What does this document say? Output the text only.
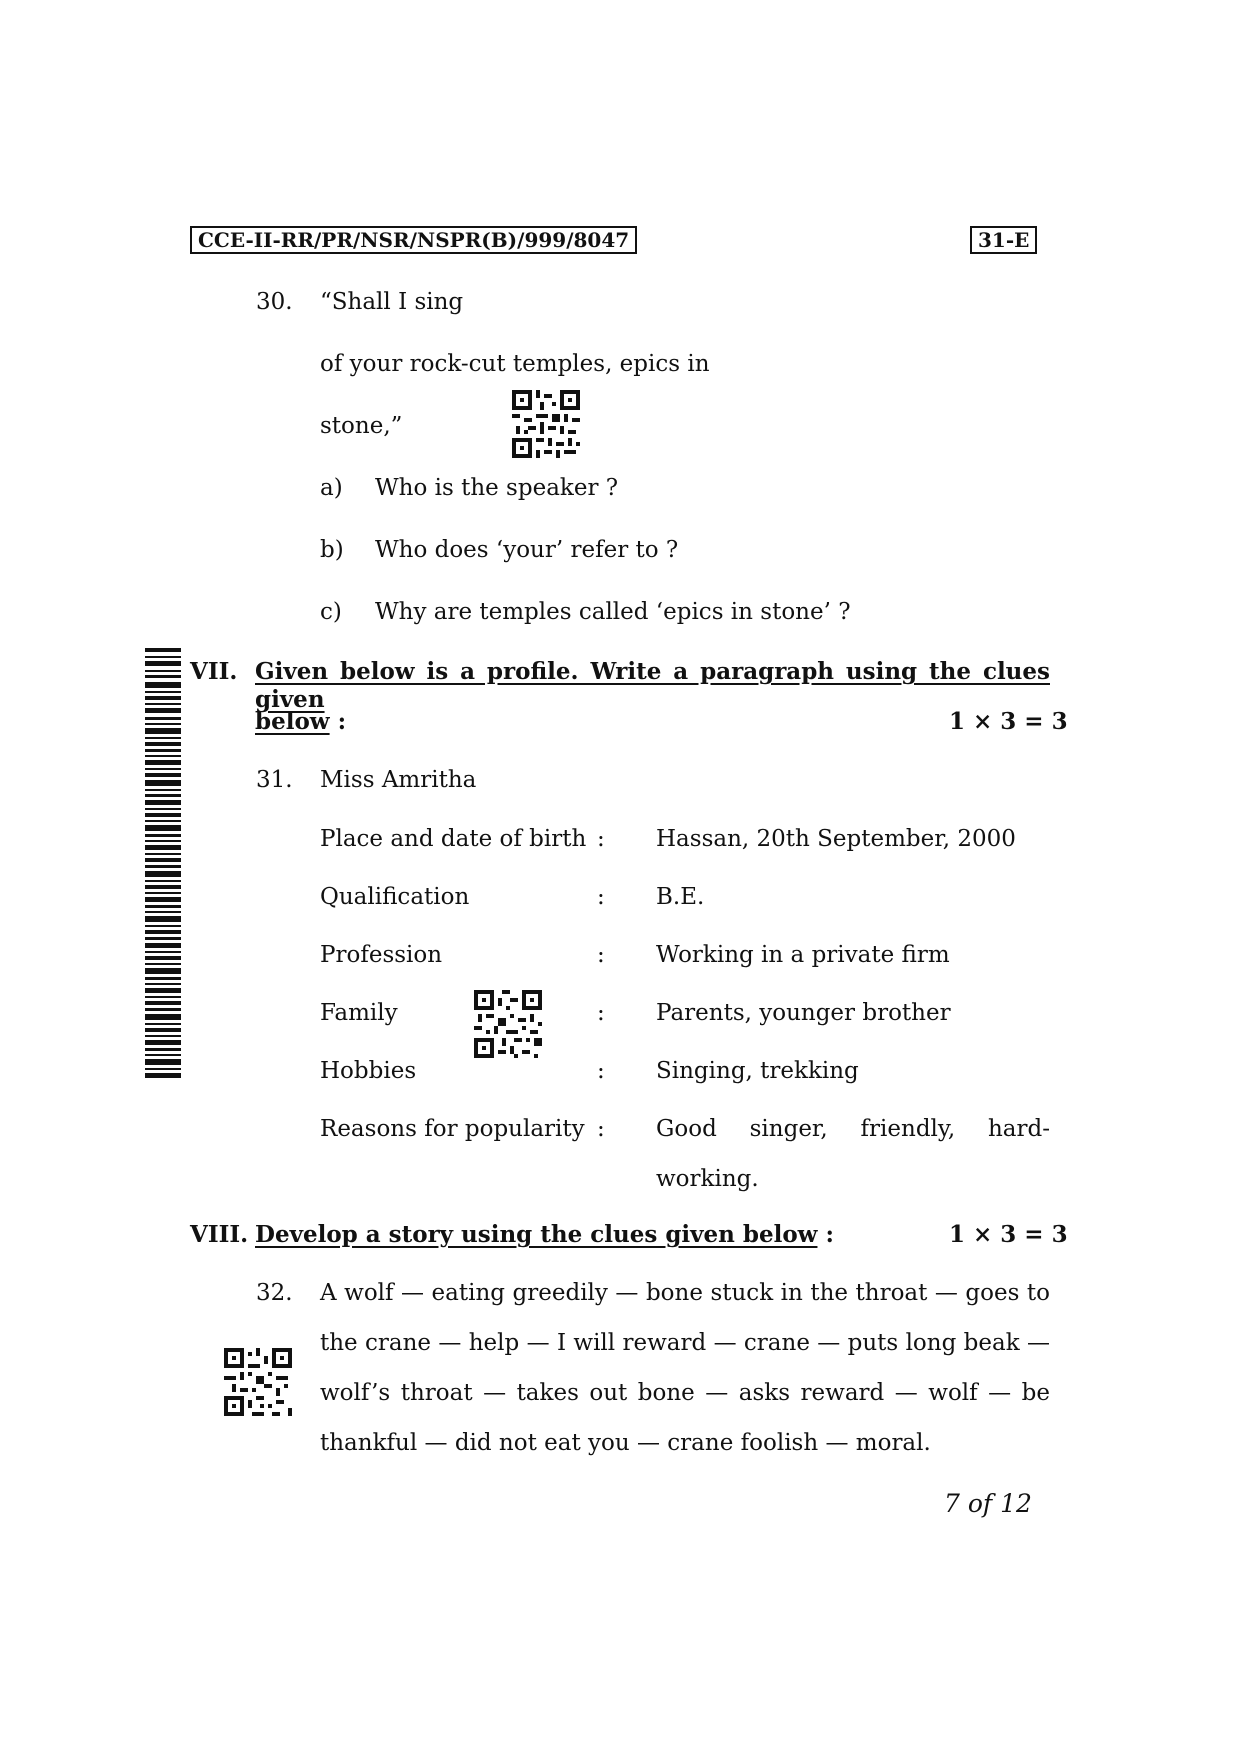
CCE-II-RR/PR/NSR/NSPR(B)/999/8047	31-E
30. “Shall I sing
of your rock-cut temples, epics in
stone,”
a) Who is the speaker ?
b) Who does ‘your’ refer to ?
c) Why are temples called ‘epics in stone’ ?
VII. Given below is a profile. Write a paragraph using the clues given
below :	1 × 3 = 3
31. Miss Amritha
Place and date of birth : Hassan, 20th September, 2000
Qualification	: B.E.
Profession	: Working in a private firm
Family	: Parents, younger brother
Hobbies	: Singing, trekking
Reasons for popularity : Good singer, friendly, hard-
working.
VIII. Develop a story using the clues given below :	1 × 3 = 3
32. A wolf — eating greedily — bone stuck in the throat — goes to
the crane — help — I will reward — crane — puts long beak —
wolf’s throat — takes out bone — asks reward — wolf — be
thankful — did not eat you — crane foolish — moral.
7 of 12
